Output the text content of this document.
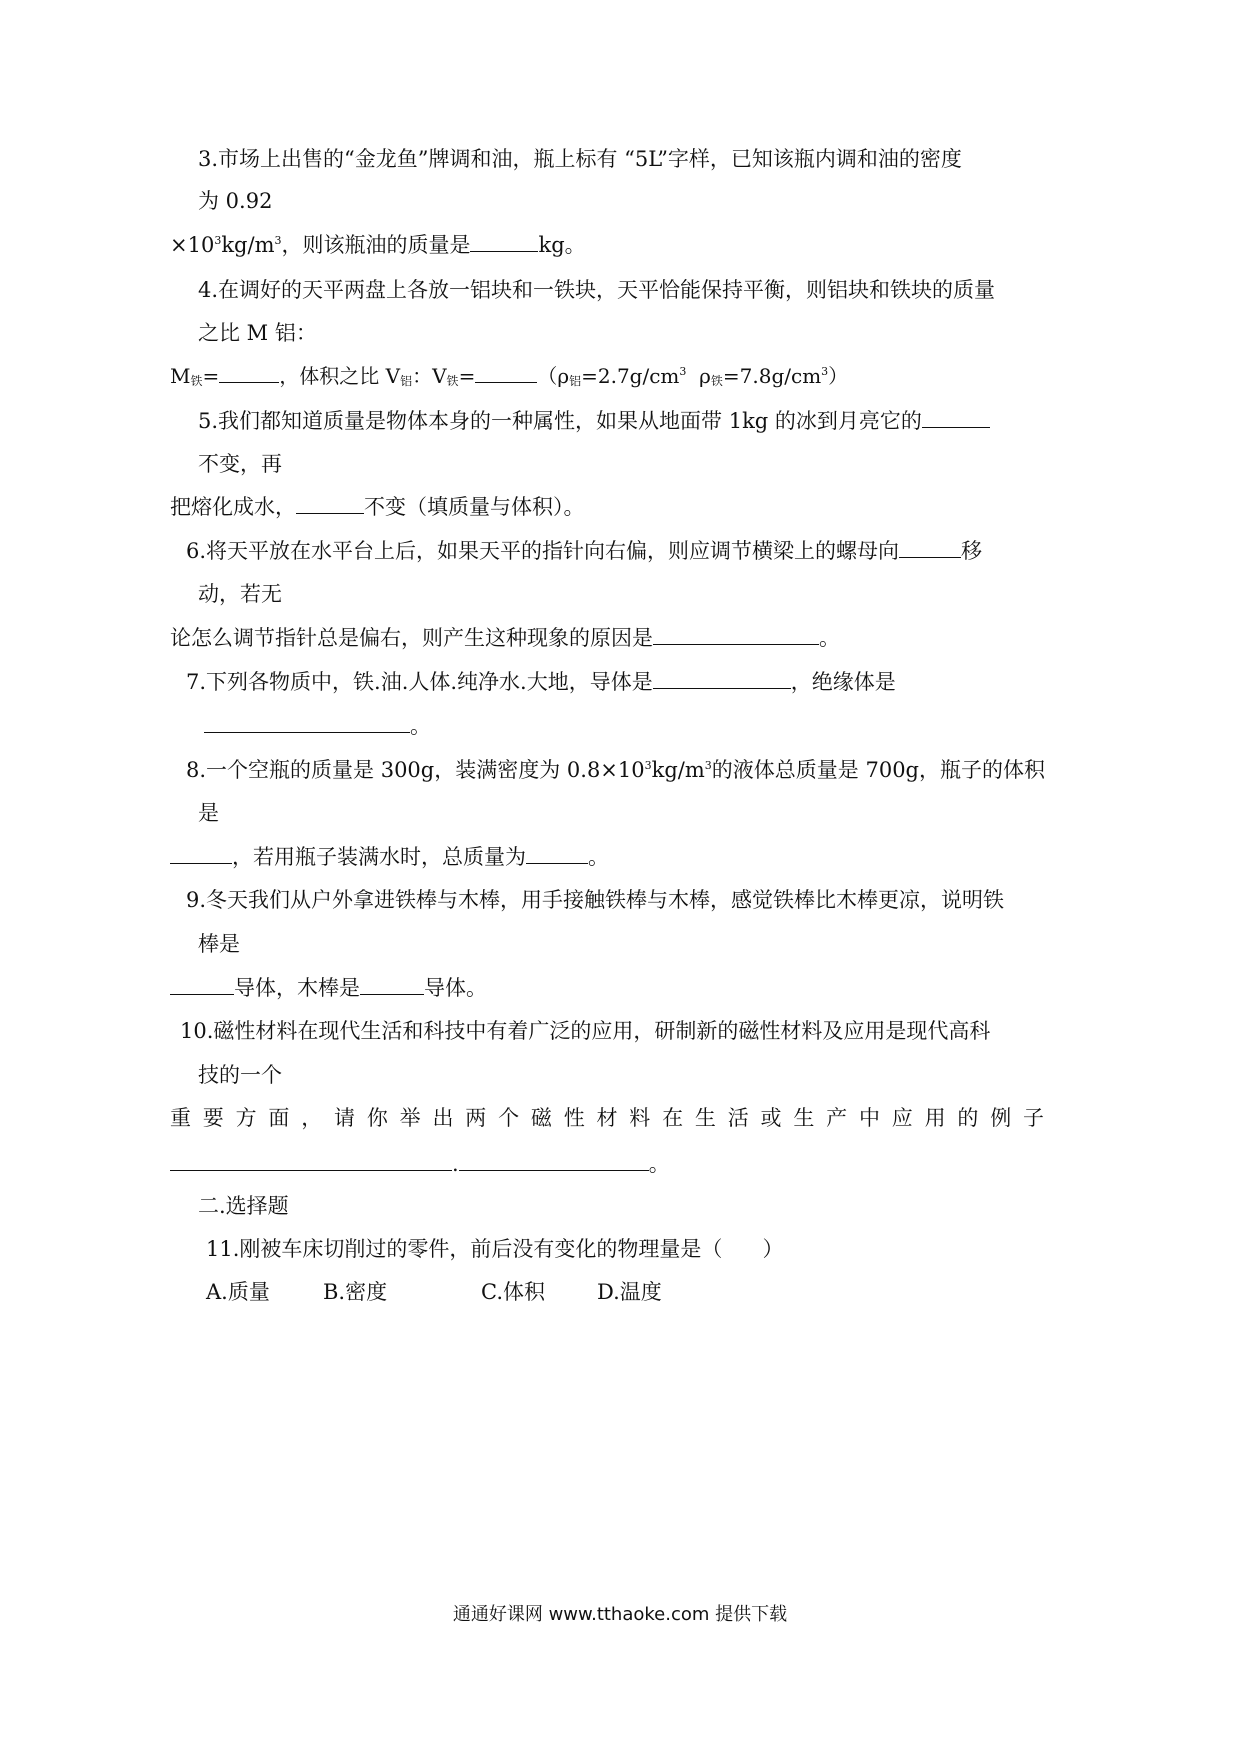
3.市场上出售的“金龙鱼”牌调和油，瓶上标有 “5L”字样，已知该瓶内调和油的密度
为 0.92
$\times 10^3kg/m^3$，则该瓶油的质量是	kg。
4.在调好的天平两盘上各放一铝块和一铁块，天平恰能保持平衡，则铝块和铁块的质量
之比 M 铝：
$M_铁=$	，体积之比 $V_铝$：$V_铁=$	（$\rho_铝=2.7g/cm^3$  $\rho_铁=7.8g/cm^3$）
5.我们都知道质量是物体本身的一种属性，如果从地面带 1kg 的冰到月亮它的
不变，再
把熔化成水，	不变（填质量与体积）。
6.将天平放在水平台上后，如果天平的指针向右偏，则应调节横梁上的螺母向	移
动，若无
论怎么调节指针总是偏右，则产生这种现象的原因是	。
7.下列各物质中，铁.油.人体.纯净水.大地，导体是	，绝缘体是
。
8.一个空瓶的质量是 300g，装满密度为 $0.8\times 10^3kg/m^3$的液体总质量是 700g，瓶子的体积
是
，若用瓶子装满水时，总质量为	。
9.冬天我们从户外拿进铁棒与木棒，用手接触铁棒与木棒，感觉铁棒比木棒更凉，说明铁
棒是
导体，木棒是	导体。
10.磁性材料在现代生活和科技中有着广泛的应用，研制新的磁性材料及应用是现代高科
技的一个
重要方面，请你举出两个磁性材料在生活或生产中应用的例子
.	。
二.选择题
11.刚被车床切削过的零件，前后没有变化的物理量是（      ）
A.质量	B.密度	C.体积 D.温度
通通好课网 www.tthaoke.com 提供下载
